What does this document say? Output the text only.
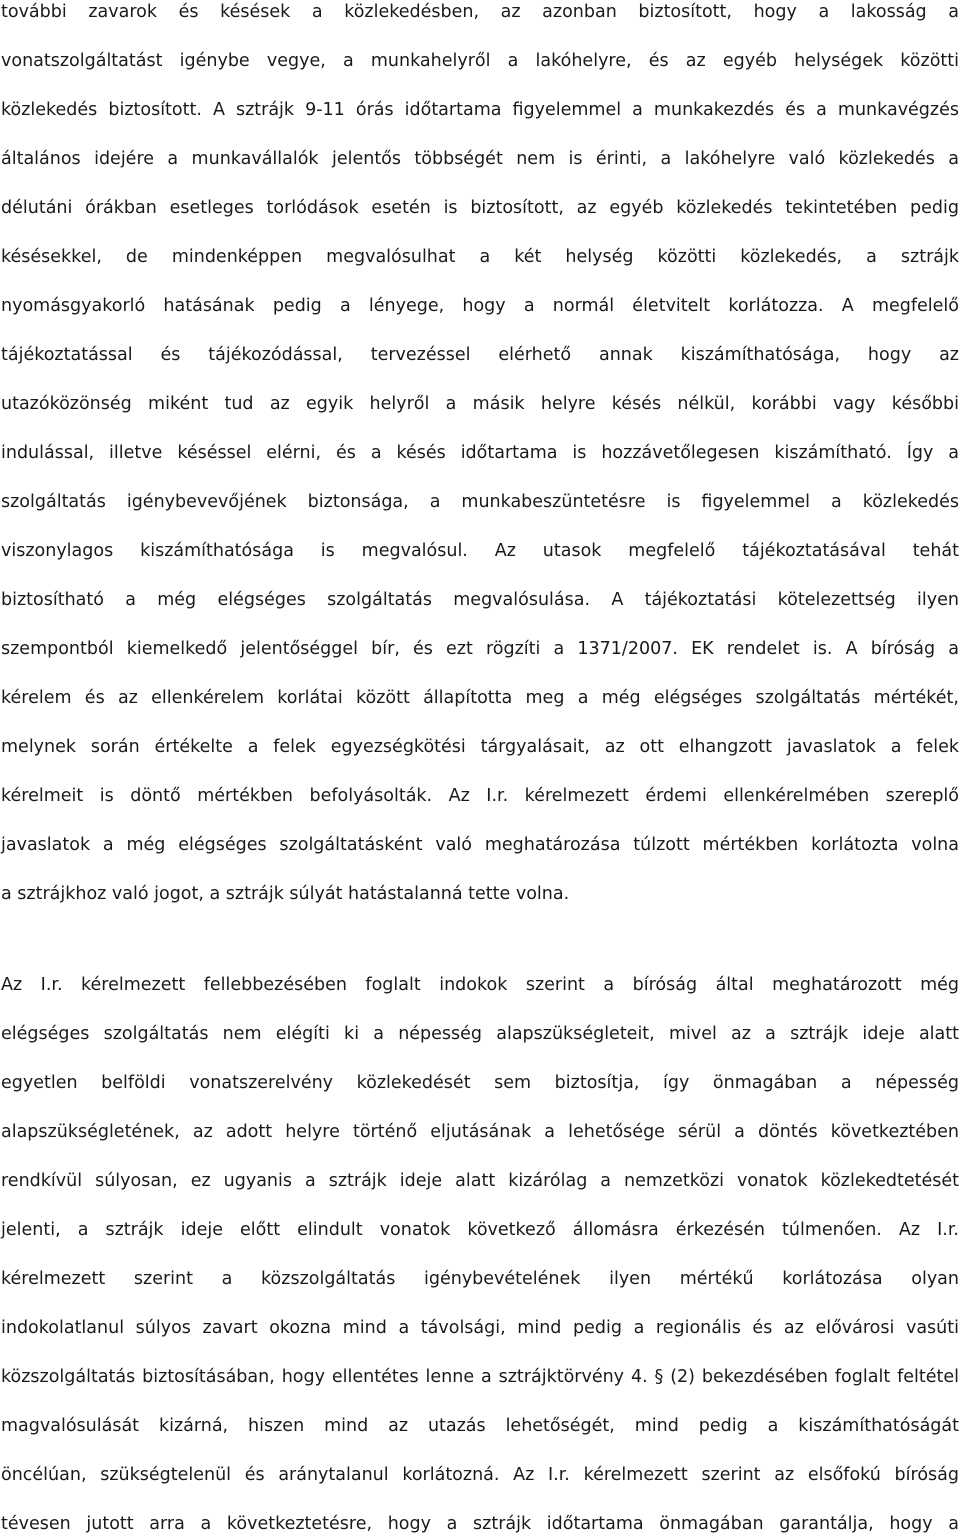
további zavarok és késések a közlekedésben, az azonban biztosított, hogy a lakosság a
vonatszolgáltatást igénybe vegye, a munkahelyről a lakóhelyre, és az egyéb helységek közötti
közlekedés biztosított. A sztrájk 9-11 órás időtartama figyelemmel a munkakezdés és a munkavégzés
általános idejére a munkavállalók jelentős többségét nem is érinti, a lakóhelyre való közlekedés a
délutáni órákban esetleges torlódások esetén is biztosított, az egyéb közlekedés tekintetében pedig
késésekkel, de mindenképpen megvalósulhat a két helység közötti közlekedés, a sztrájk
nyomásgyakorló hatásának pedig a lényege, hogy a normál életvitelt korlátozza. A megfelelő
tájékoztatással és tájékozódással, tervezéssel elérhető annak kiszámíthatósága, hogy az
utazóközönség miként tud az egyik helyről a másik helyre késés nélkül, korábbi vagy későbbi
indulással, illetve késéssel elérni, és a késés időtartama is hozzávetőlegesen kiszámítható. Így a
szolgáltatás igénybevevőjének biztonsága, a munkabeszüntetésre is figyelemmel a közlekedés
viszonylagos kiszámíthatósága is megvalósul. Az utasok megfelelő tájékoztatásával tehát
biztosítható a még elégséges szolgáltatás megvalósulása. A tájékoztatási kötelezettség ilyen
szempontból kiemelkedő jelentőséggel bír, és ezt rögzíti a 1371/2007. EK rendelet is. A bíróság a
kérelem és az ellenkérelem korlátai között állapította meg a még elégséges szolgáltatás mértékét,
melynek során értékelte a felek egyezségkötési tárgyalásait, az ott elhangzott javaslatok a felek
kérelmeit is döntő mértékben befolyásolták. Az I.r. kérelmezett érdemi ellenkérelmében szereplő
javaslatok a még elégséges szolgáltatásként való meghatározása túlzott mértékben korlátozta volna
a sztrájkhoz való jogot, a sztrájk súlyát hatástalanná tette volna.
Az I.r. kérelmezett fellebbezésében foglalt indokok szerint a bíróság által meghatározott még
elégséges szolgáltatás nem elégíti ki a népesség alapszükségleteit, mivel az a sztrájk ideje alatt
egyetlen belföldi vonatszerelvény közlekedését sem biztosítja, így önmagában a népesség
alapszükségletének, az adott helyre történő eljutásának a lehetősége sérül a döntés következtében
rendkívül súlyosan, ez ugyanis a sztrájk ideje alatt kizárólag a nemzetközi vonatok közlekedtetését
jelenti, a sztrájk ideje előtt elindult vonatok következő állomásra érkezésén túlmenően. Az I.r.
kérelmezett szerint a közszolgáltatás igénybevételének ilyen mértékű korlátozása olyan
indokolatlanul súlyos zavart okozna mind a távolsági, mind pedig a regionális és az elővárosi vasúti
közszolgáltatás biztosításában, hogy ellentétes lenne a sztrájktörvény 4. § (2) bekezdésében foglalt feltétel
magvalósulását kizárná, hiszen mind az utazás lehetőségét, mind pedig a kiszámíthatóságát
öncélúan, szükségtelenül és aránytalanul korlátozná. Az I.r. kérelmezett szerint az elsőfokú bíróság
tévesen jutott arra a következtetésre, hogy a sztrájk időtartama önmagában garantálja, hogy a
